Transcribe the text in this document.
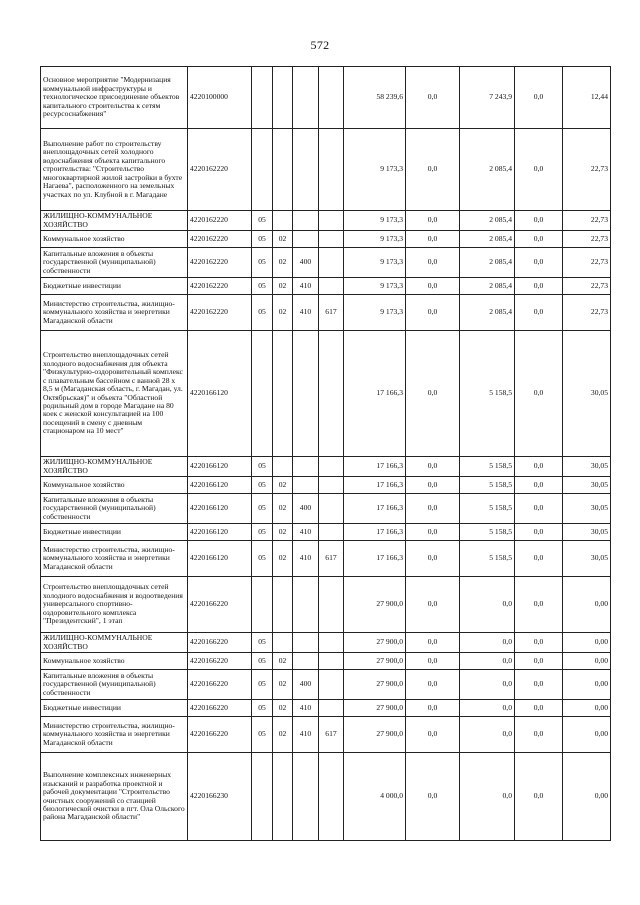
572
Основное мероприятие "Модернизация коммунальной инфраструктуры и технологическое присоединение объектов капитального строительства к сетям ресурсоснабжения"	4220100000					58 239,6	0,0	7 243,9	0,0	12,44
Выполнение работ по строительству внеплощадочных сетей холодного водоснабжения объекта капитального строительства: "Строительство многоквартирной жилой застройки в бухте Нагаева", расположенного на земельных участках по ул. Клубной в г. Магадане	4220162220					9 173,3	0,0	2 085,4	0,0	22,73
ЖИЛИЩНО-КОММУНАЛЬНОЕ ХОЗЯЙСТВО	4220162220	05				9 173,3	0,0	2 085,4	0,0	22,73
Коммунальное хозяйство	4220162220	05	02			9 173,3	0,0	2 085,4	0,0	22,73
Капитальные вложения в объекты государственной (муниципальной) собственности	4220162220	05	02	400		9 173,3	0,0	2 085,4	0,0	22,73
Бюджетные инвестиции	4220162220	05	02	410		9 173,3	0,0	2 085,4	0,0	22,73
Министерство строительства, жилищно-коммунального хозяйства и энергетики Магаданской области	4220162220	05	02	410	617	9 173,3	0,0	2 085,4	0,0	22,73
Строительство внеплощадочных сетей холодного водоснабжения для объекта "Физкультурно-оздоровительный комплекс с плавательным бассейном с ванной 28 х 8,5 м (Магаданская область, г. Магадан, ул. Октябрьская)" и объекта "Областной родильный дом в городе Магадане на 80 коек с женской консультацией на 100 посещений в смену с дневным стационаром на 10 мест"	4220166120					17 166,3	0,0	5 158,5	0,0	30,05
ЖИЛИЩНО-КОММУНАЛЬНОЕ ХОЗЯЙСТВО	4220166120	05				17 166,3	0,0	5 158,5	0,0	30,05
Коммунальное хозяйство	4220166120	05	02			17 166,3	0,0	5 158,5	0,0	30,05
Капитальные вложения в объекты государственной (муниципальной) собственности	4220166120	05	02	400		17 166,3	0,0	5 158,5	0,0	30,05
Бюджетные инвестиции	4220166120	05	02	410		17 166,3	0,0	5 158,5	0,0	30,05
Министерство строительства, жилищно-коммунального хозяйства и энергетики Магаданской области	4220166120	05	02	410	617	17 166,3	0,0	5 158,5	0,0	30,05
Строительство внеплощадочных сетей холодного водоснабжения и водоотведения универсального спортивно-оздоровительного комплекса "Президентский", 1 этап	4220166220					27 900,0	0,0	0,0	0,0	0,00
ЖИЛИЩНО-КОММУНАЛЬНОЕ ХОЗЯЙСТВО	4220166220	05				27 900,0	0,0	0,0	0,0	0,00
Коммунальное хозяйство	4220166220	05	02			27 900,0	0,0	0,0	0,0	0,00
Капитальные вложения в объекты государственной (муниципальной) собственности	4220166220	05	02	400		27 900,0	0,0	0,0	0,0	0,00
Бюджетные инвестиции	4220166220	05	02	410		27 900,0	0,0	0,0	0,0	0,00
Министерство строительства, жилищно-коммунального хозяйства и энергетики Магаданской области	4220166220	05	02	410	617	27 900,0	0,0	0,0	0,0	0,00
Выполнение комплексных инженерных изысканий и разработка проектной и рабочей документации "Строительство очистных сооружений со станцией биологической очистки в пгт. Ола Ольского района Магаданской области"	4220166230					4 000,0	0,0	0,0	0,0	0,00
